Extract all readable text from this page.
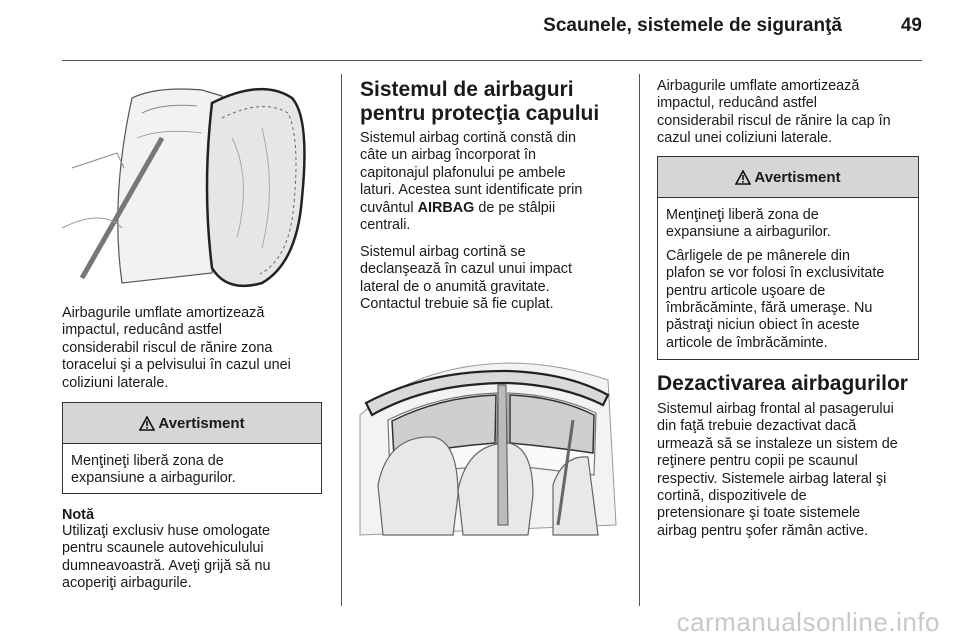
Scaunele, sistemele de siguranţă	49
Airbagurile umflate amortizează
impactul, reducând astfel
considerabil riscul de rănire zona
toracelui şi a pelvisului în cazul unei
coliziuni laterale.
Avertisment
Menţineţi liberă zona de
expansiune a airbagurilor.
Notă
Utilizaţi exclusiv huse omologate
pentru scaunele autovehiculului
dumneavoastră. Aveţi grijă să nu
acoperiţi airbagurile.
Sistemul de airbaguri
pentru protecţia capului
Sistemul airbag cortină constă din
câte un airbag încorporat în
capitonajul plafonului pe ambele
laturi. Acestea sunt identificate prin
cuvântul AIRBAG de pe stâlpii
centrali.
Sistemul airbag cortină se
declanşează în cazul unui impact
lateral de o anumită gravitate.
Contactul trebuie să fie cuplat.
Airbagurile umflate amortizează
impactul, reducând astfel
considerabil riscul de rănire la cap în
cazul unei coliziuni laterale.
Avertisment

Menţineţi liberă zona de
expansiune a airbagurilor.

Cârligele de pe mânerele din
plafon se vor folosi în exclusivitate
pentru articole uşoare de
îmbrăcăminte, fără umeraşe. Nu
păstraţi niciun obiect în aceste
articole de îmbrăcăminte.

Dezactivarea airbagurilor
Sistemul airbag frontal al pasagerului
din faţă trebuie dezactivat dacă
urmează să se instaleze un sistem de
reţinere pentru copii pe scaunul
respectiv. Sistemele airbag lateral şi
cortină, dispozitivele de
pretensionare şi toate sistemele
airbag pentru şofer rămân active.
carmanualsonline.info
